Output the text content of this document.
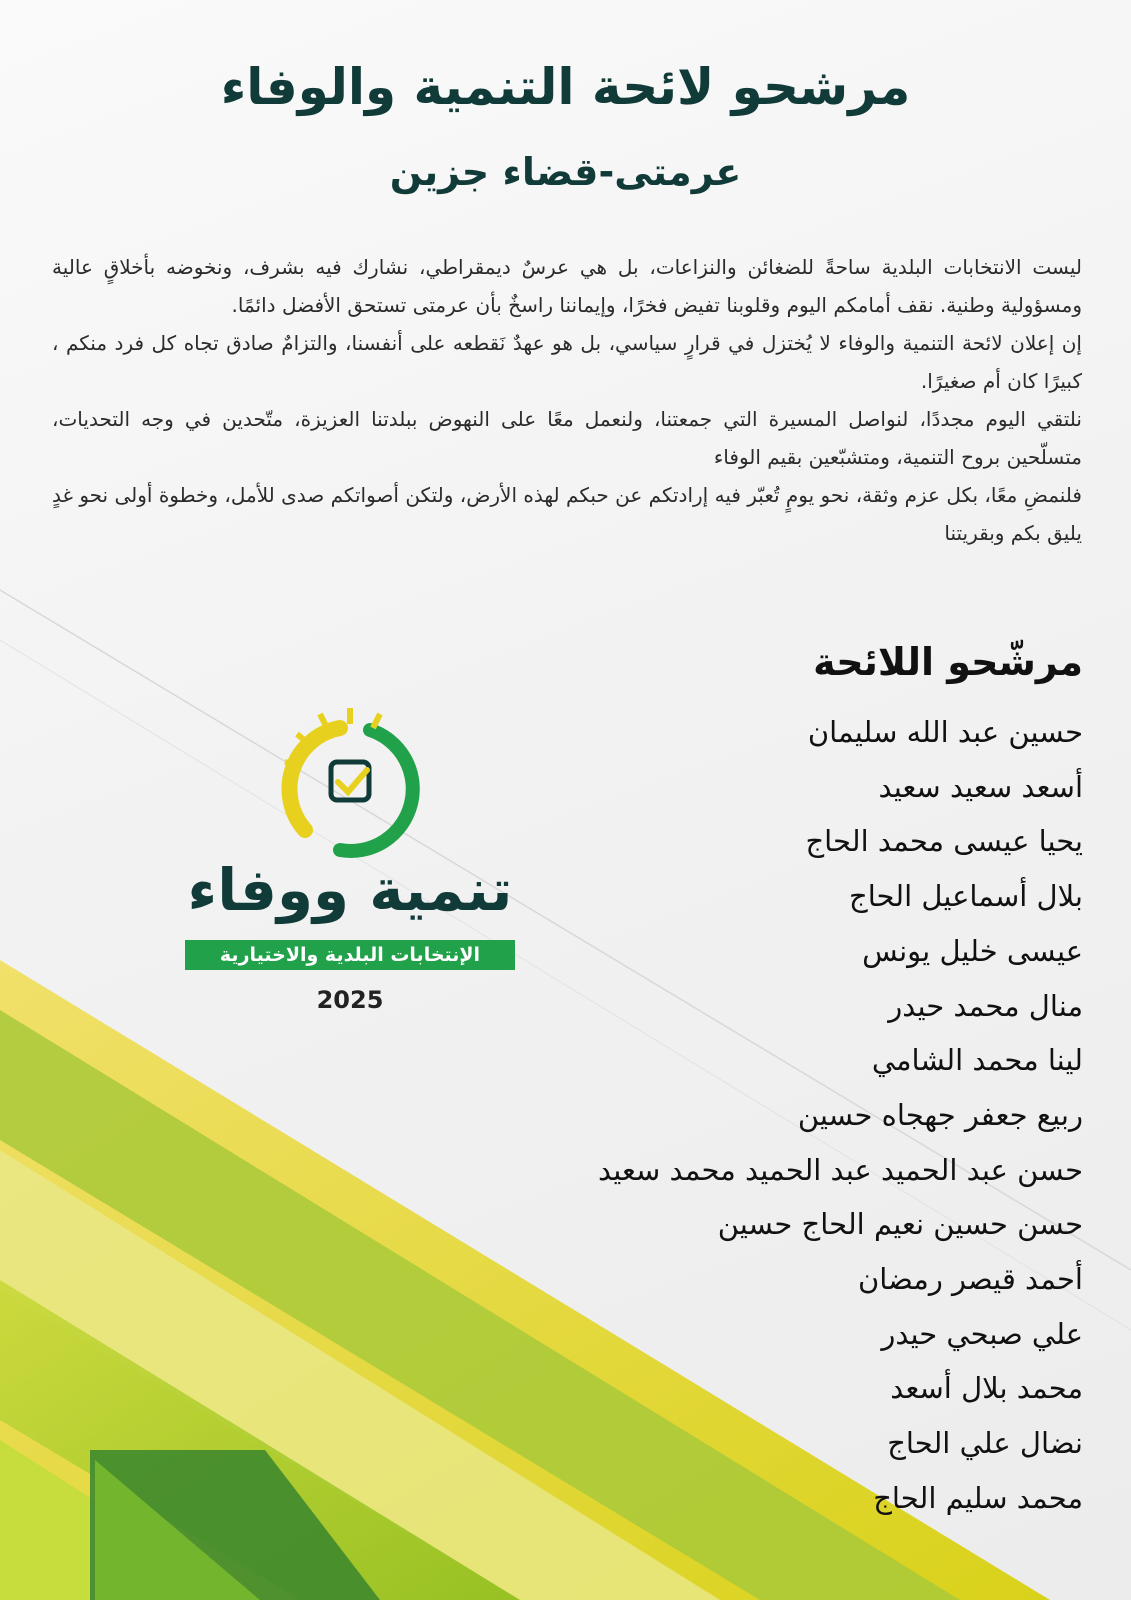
مرشحو لائحة التنمية والوفاء
عرمتى-قضاء جزين

ليست الانتخابات البلدية ساحةً للضغائن والنزاعات، بل هي عرسٌ ديمقراطي، نشارك فيه بشرف، ونخوضه بأخلاقٍ عالية ومسؤولية وطنية. نقف أمامكم اليوم وقلوبنا تفيض فخرًا، وإيماننا راسخٌ بأن عرمتى تستحق الأفضل دائمًا.

إن إعلان لائحة التنمية والوفاء لا يُختزل في قرارٍ سياسي، بل هو عهدٌ نَقطعه على أنفسنا، والتزامٌ صادق تجاه كل فرد منكم ، كبيرًا كان أم صغيرًا.

نلتقي اليوم مجددًا، لنواصل المسيرة التي جمعتنا، ولنعمل معًا على النهوض ببلدتنا العزيزة، متّحدين في وجه التحديات، متسلّحين بروح التنمية، ومتشبّعين بقيم الوفاء

فلنمضِ معًا، بكل عزم وثقة، نحو يومٍ تُعبّر فيه إرادتكم عن حبكم لهذه الأرض، ولتكن أصواتكم صدى للأمل، وخطوة أولى نحو غدٍ يليق بكم وبقريتنا

مرشّحو اللائحة
حسين عبد الله سليمان
أسعد سعيد سعيد
يحيا عيسى محمد الحاج
بلال أسماعيل الحاج
عيسى خليل يونس
منال محمد حيدر
لينا محمد الشامي
ربيع جعفر جهجاه حسين
حسن عبد الحميد عبد الحميد محمد سعيد
حسن حسين نعيم الحاج حسين
أحمد قيصر رمضان
علي صبحي حيدر
محمد بلال أسعد
نضال علي الحاج
محمد سليم الحاج
تنمية ووفاء
الإنتخابات البلدية والاختيارية
2025
